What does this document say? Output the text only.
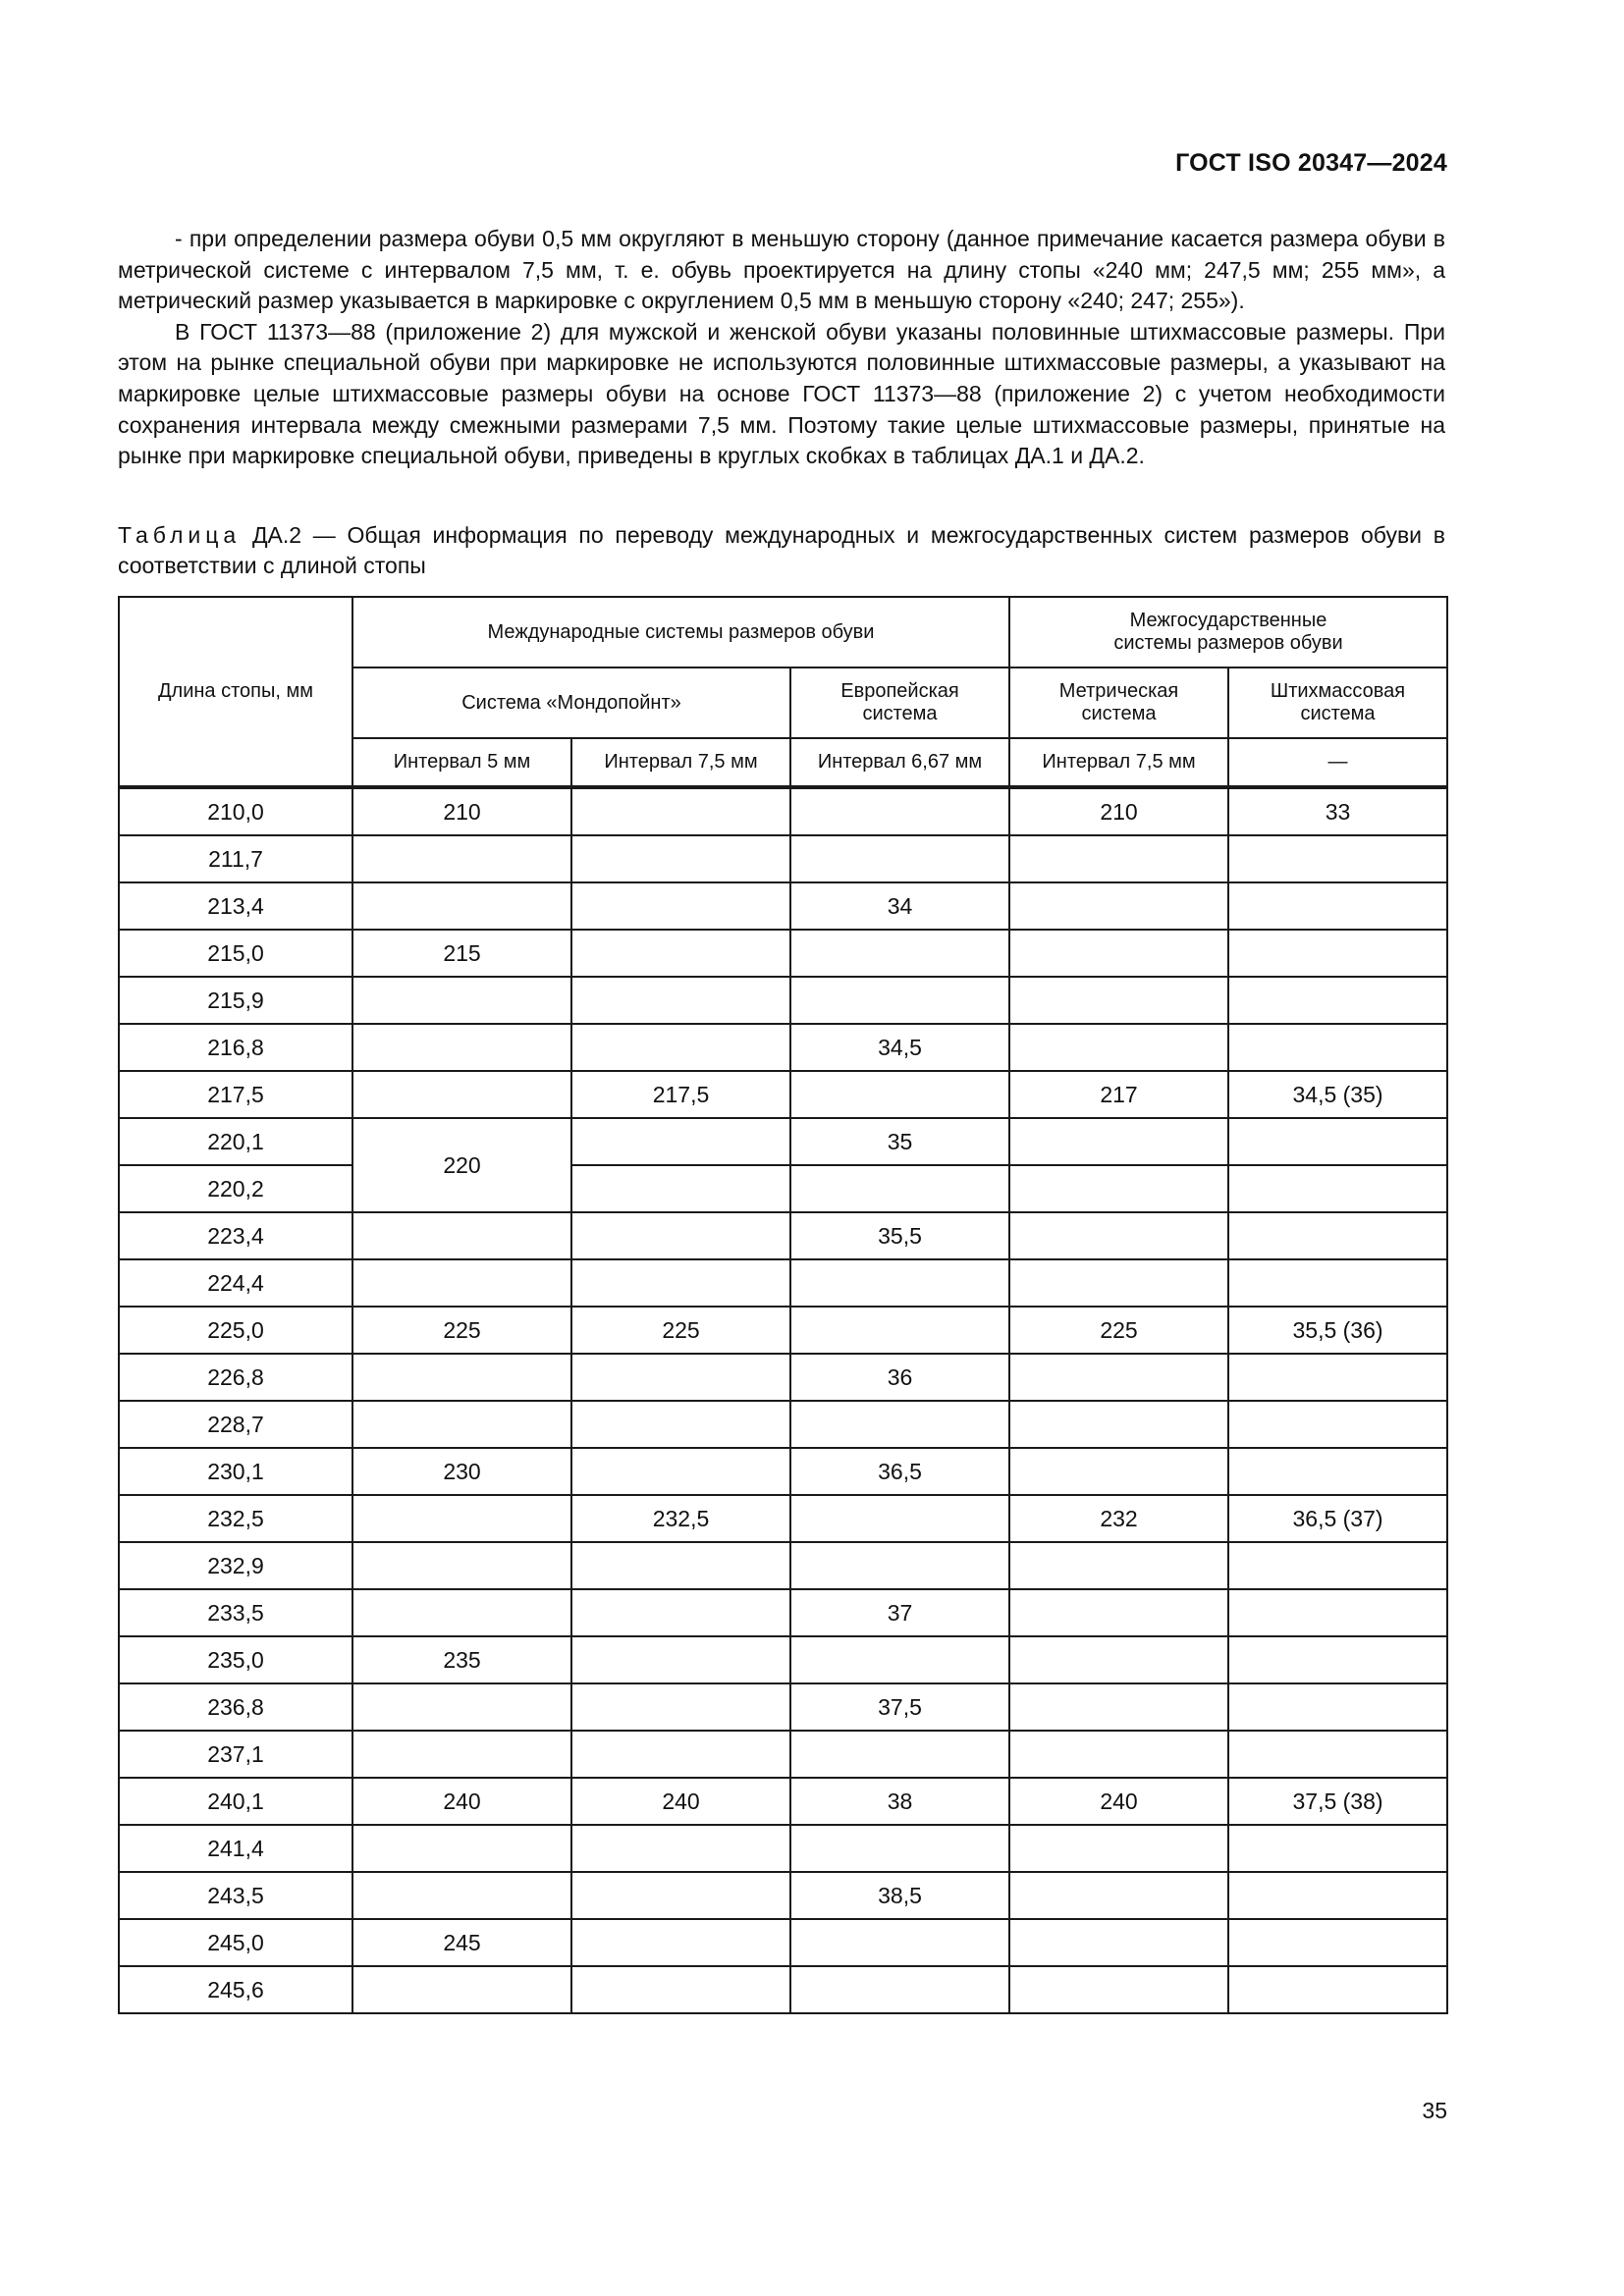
ГОСТ ISO 20347—2024

- при определении размера обуви 0,5 мм округляют в меньшую сторону (данное примечание касается размера обуви в метрической системе с интервалом 7,5 мм, т. е. обувь проектируется на длину стопы «240 мм; 247,5 мм; 255 мм», а метрический размер указывается в маркировке с округлением 0,5 мм в меньшую сторону «240; 247; 255»).

В ГОСТ 11373—88 (приложение 2) для мужской и женской обуви указаны половинные штихмассовые размеры. При этом на рынке специальной обуви при маркировке не используются половинные штихмассовые размеры, а указывают на маркировке целые штихмассовые размеры обуви на основе ГОСТ 11373—88 (приложение 2) с учетом необходимости сохранения интервала между смежными размерами 7,5 мм. Поэтому такие целые штихмассовые размеры, принятые на рынке при маркировке специальной обуви, приведены в круглых скобках в таблицах ДА.1 и ДА.2.

Таблица ДА.2 — Общая информация по переводу международных и межгосударственных систем размеров обуви в соответствии с длиной стопы
Длина стопы, мм	Международные системы размеров обуви			Межгосударственные системы размеров обуви	
	Система «Мондопойнт»		Европейская система	Метрическая система	Штихмассовая система
	Интервал 5 мм	Интервал 7,5 мм	Интервал 6,67 мм	Интервал 7,5 мм	—
210,0	210			210	33
211,7					
213,4			34		
215,0	215				
215,9					
216,8			34,5		
217,5		217,5		217	34,5 (35)
220,1	220		35		
220,2					
223,4			35,5		
224,4					
225,0	225	225		225	35,5 (36)
226,8			36		
228,7					
230,1	230		36,5		
232,5		232,5		232	36,5 (37)
232,9					
233,5			37		
235,0	235				
236,8			37,5		
237,1					
240,1	240	240	38	240	37,5 (38)
241,4					
243,5			38,5		
245,0	245				
245,6					
35
